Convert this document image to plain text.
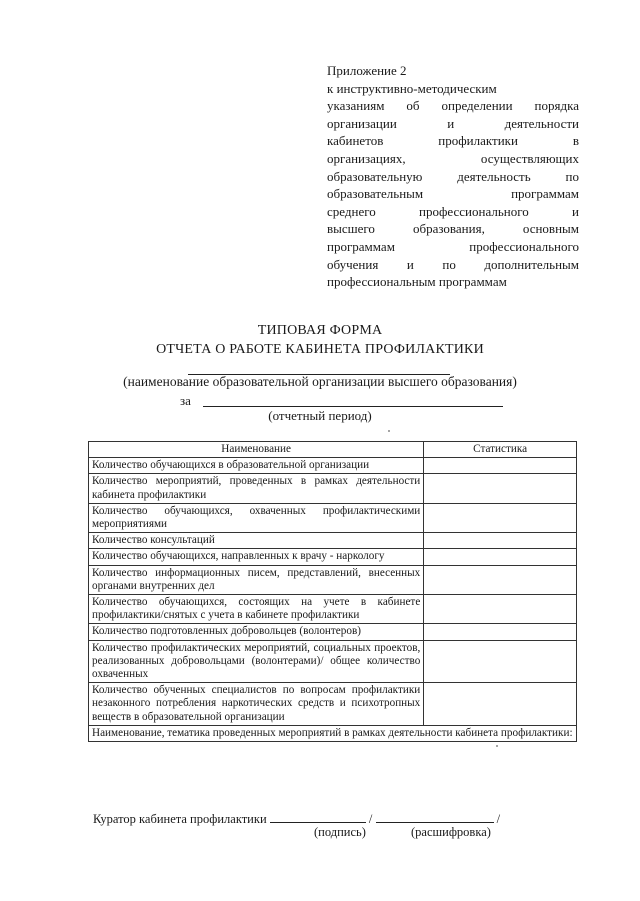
Приложение 2
к инструктивно-методическим
указаниям об определении порядка
организации и деятельности
кабинетов профилактики в
организациях, осуществляющих
образовательную деятельность по
образовательным программам
среднего профессионального и
высшего образования, основным
программам профессионального
обучения и по дополнительным
профессиональным программам
ТИПОВАЯ ФОРМА
ОТЧЕТА О РАБОТЕ КАБИНЕТА ПРОФИЛАКТИКИ
(наименование образовательной организации высшего образования)
за
(отчетный период)
Наименование	Статистика
Количество обучающихся в образовательной организации	
Количество мероприятий, проведенных в рамках деятельности кабинета профилактики	
Количество обучающихся, охваченных профилактическими мероприятиями	
Количество консультаций	
Количество обучающихся, направленных к врачу - наркологу	
Количество информационных писем, представлений, внесенных органами внутренних дел	
Количество обучающихся, состоящих на учете в кабинете профилактики/снятых с учета в кабинете профилактики	
Количество подготовленных добровольцев (волонтеров)	
Количество профилактических мероприятий, социальных проектов, реализованных добровольцами (волонтерами)/ общее количество охваченных	
Количество обученных специалистов по вопросам профилактики незаконного потребления наркотических средств и психотропных веществ в образовательной организации	
Наименование, тематика проведенных мероприятий в рамках деятельности кабинета профилактики:	
Куратор кабинета профилактики	/	/
(подпись)	(расшифровка)
